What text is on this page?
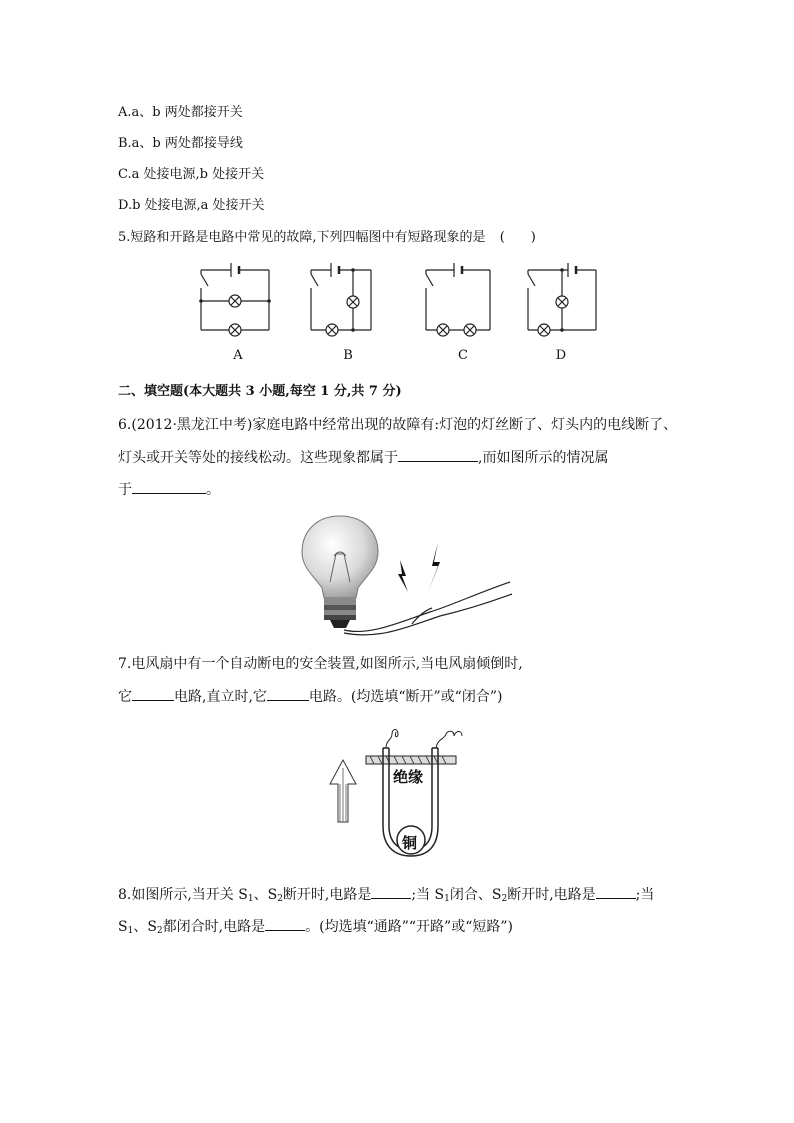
A.a、b 两处都接开关
B.a、b 两处都接导线
C.a 处接电源,b 处接开关
D.b 处接电源,a 处接开关
5.短路和开路是电路中常见的故障,下列四幅图中有短路现象的是 (　　)
A	B	C	D
二、填空题(本大题共 3 小题,每空 1 分,共 7 分)
6.(2012·黑龙江中考)家庭电路中经常出现的故障有:灯泡的灯丝断了、灯头内的电线断了、
灯头或开关等处的接线松动。这些现象都属于	,而如图所示的情况属
于	。
7.电风扇中有一个自动断电的安全装置,如图所示,当电风扇倾倒时,
它	电路,直立时,它	电路。(均选填“断开”或“闭合”)
绝缘
铜
8.如图所示,当开关 $S_1$、$S_2$断开时,电路是	;当 $S_1$闭合、$S_2$断开时,电路是	;当
$S_1$、$S_2$都闭合时,电路是	。(均选填“通路”“开路”或“短路”)
